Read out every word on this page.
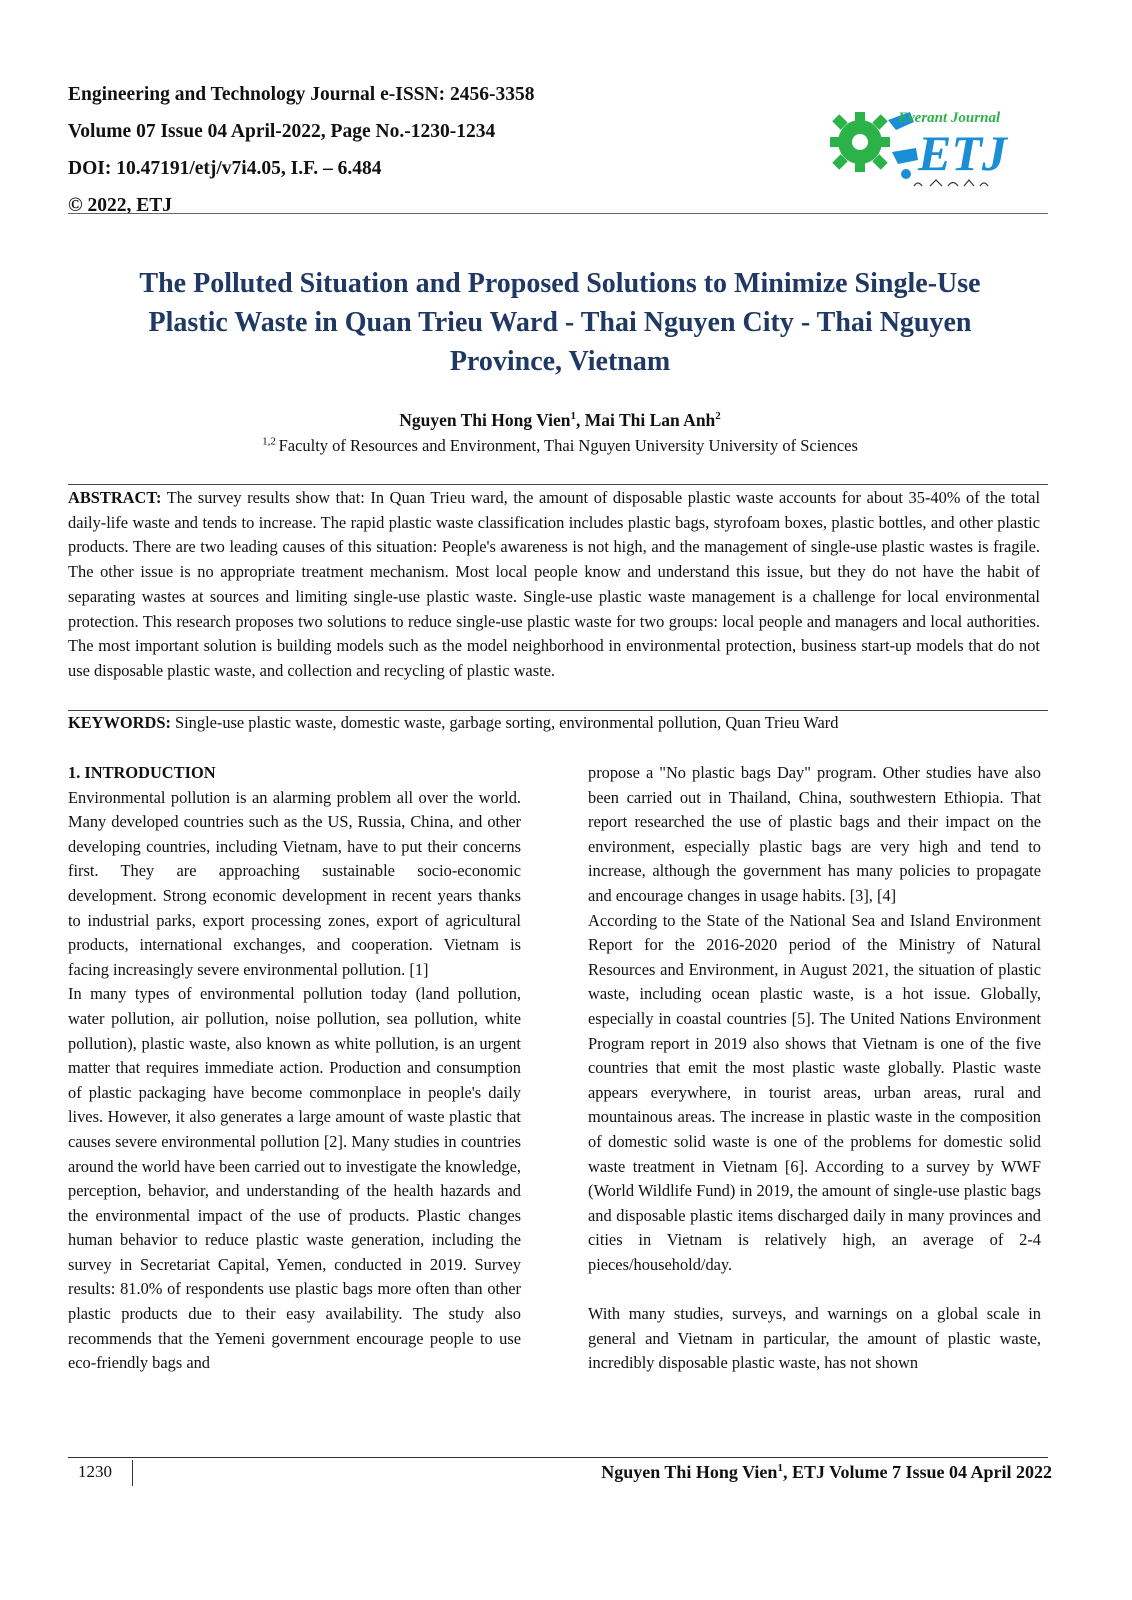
Engineering and Technology Journal e-ISSN: 2456-3358
Volume 07 Issue 04 April-2022, Page No.-1230-1234
DOI: 10.47191/etj/v7i4.05, I.F. – 6.484
© 2022, ETJ
Everant Journal
ETJ
The Polluted Situation and Proposed Solutions to Minimize Single-Use
Plastic Waste in Quan Trieu Ward - Thai Nguyen City - Thai Nguyen
Province, Vietnam
Nguyen Thi Hong Vien$^1$, Mai Thi Lan Anh$^2$
$^{1,2}$ Faculty of Resources and Environment, Thai Nguyen University University of Sciences
ABSTRACT: The survey results show that: In Quan Trieu ward, the amount of disposable plastic waste accounts for about 35-40% of the total daily-life waste and tends to increase. The rapid plastic waste classification includes plastic bags, styrofoam boxes, plastic bottles, and other plastic products. There are two leading causes of this situation: People's awareness is not high, and the management of single-use plastic wastes is fragile. The other issue is no appropriate treatment mechanism. Most local people know and understand this issue, but they do not have the habit of separating wastes at sources and limiting single-use plastic waste. Single-use plastic waste management is a challenge for local environmental protection. This research proposes two solutions to reduce single-use plastic waste for two groups: local people and managers and local authorities. The most important solution is building models such as the model neighborhood in environmental protection, business start-up models that do not use disposable plastic waste, and collection and recycling of plastic waste.
KEYWORDS: Single-use plastic waste, domestic waste, garbage sorting, environmental pollution, Quan Trieu Ward

1. INTRODUCTION

Environmental pollution is an alarming problem all over the world. Many developed countries such as the US, Russia, China, and other developing countries, including Vietnam, have to put their concerns first. They are approaching sustainable socio-economic development. Strong economic development in recent years thanks to industrial parks, export processing zones, export of agricultural products, international exchanges, and cooperation. Vietnam is facing increasingly severe environmental pollution. [1]

In many types of environmental pollution today (land pollution, water pollution, air pollution, noise pollution, sea pollution, white pollution), plastic waste, also known as white pollution, is an urgent matter that requires immediate action. Production and consumption of plastic packaging have become commonplace in people's daily lives. However, it also generates a large amount of waste plastic that causes severe environmental pollution [2]. Many studies in countries around the world have been carried out to investigate the knowledge, perception, behavior, and understanding of the health hazards and the environmental impact of the use of products. Plastic changes human behavior to reduce plastic waste generation, including the survey in Secretariat Capital, Yemen, conducted in 2019. Survey results: 81.0% of respondents use plastic bags more often than other plastic products due to their easy availability. The study also recommends that the Yemeni government encourage people to use eco-friendly bags and

propose a "No plastic bags Day" program. Other studies have also been carried out in Thailand, China, southwestern Ethiopia. That report researched the use of plastic bags and their impact on the environment, especially plastic bags are very high and tend to increase, although the government has many policies to propagate and encourage changes in usage habits. [3], [4]

According to the State of the National Sea and Island Environment Report for the 2016-2020 period of the Ministry of Natural Resources and Environment, in August 2021, the situation of plastic waste, including ocean plastic waste, is a hot issue. Globally, especially in coastal countries [5]. The United Nations Environment Program report in 2019 also shows that Vietnam is one of the five countries that emit the most plastic waste globally. Plastic waste appears everywhere, in tourist areas, urban areas, rural and mountainous areas. The increase in plastic waste in the composition of domestic solid waste is one of the problems for domestic solid waste treatment in Vietnam [6]. According to a survey by WWF (World Wildlife Fund) in 2019, the amount of single-use plastic bags and disposable plastic items discharged daily in many provinces and cities in Vietnam is relatively high, an average of 2-4 pieces/household/day.

With many studies, surveys, and warnings on a global scale in general and Vietnam in particular, the amount of plastic waste, incredibly disposable plastic waste, has not shown

1230	Nguyen Thi Hong Vien$^1$, ETJ Volume 7 Issue 04 April 2022
